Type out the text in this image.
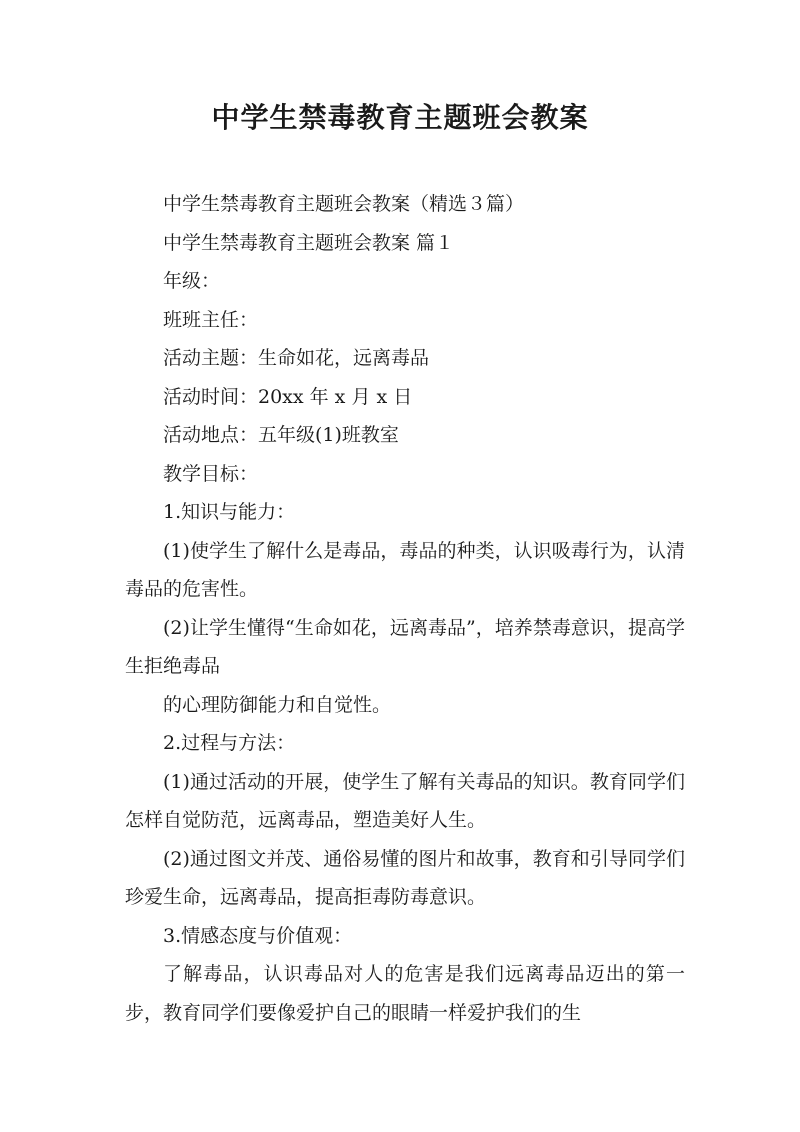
中学生禁毒教育主题班会教案

中学生禁毒教育主题班会教案（精选３篇）

中学生禁毒教育主题班会教案 篇１

年级：

班班主任：

活动主题：生命如花，远离毒品

活动时间：20xx 年 x 月 x 日

活动地点：五年级(1)班教室

教学目标：

1.知识与能力：

(1)使学生了解什么是毒品，毒品的种类，认识吸毒行为，认清毒品的危害性。

(2)让学生懂得“生命如花，远离毒品”，培养禁毒意识，提高学生拒绝毒品

的心理防御能力和自觉性。

2.过程与方法：

(1)通过活动的开展，使学生了解有关毒品的知识。教育同学们怎样自觉防范，远离毒品，塑造美好人生。

(2)通过图文并茂、通俗易懂的图片和故事，教育和引导同学们珍爱生命，远离毒品，提高拒毒防毒意识。

3.情感态度与价值观：

了解毒品，认识毒品对人的危害是我们远离毒品迈出的第一步，教育同学们要像爱护自己的眼睛一样爱护我们的生
